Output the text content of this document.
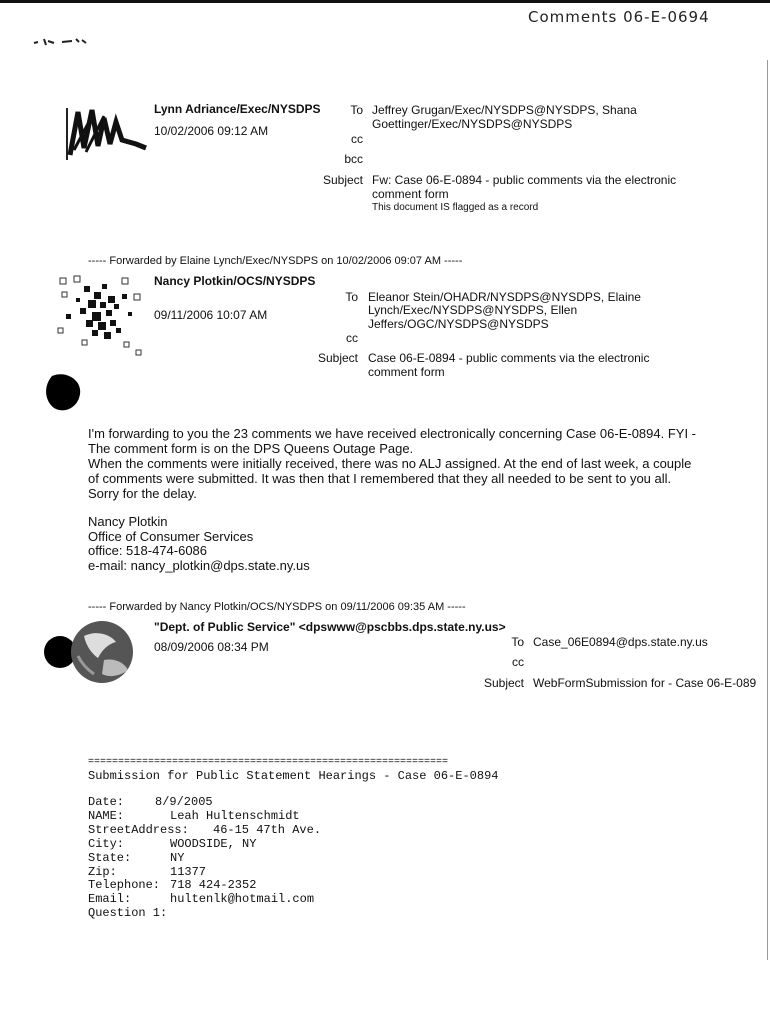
Comments 06-E-0694
Lynn Adriance/Exec/NYSDPS
10/02/2006 09:12 AM
To Jeffrey Grugan/Exec/NYSDPS@NYSDPS, Shana
Goettinger/Exec/NYSDPS@NYSDPS
cc
bcc
Subject Fw: Case 06-E-0894 - public comments via the electronic
comment form
This document IS flagged as a record
----- Forwarded by Elaine Lynch/Exec/NYSDPS on 10/02/2006 09:07 AM -----
Nancy Plotkin/OCS/NYSDPS
09/11/2006 10:07 AM
To Eleanor Stein/OHADR/NYSDPS@NYSDPS, Elaine
Lynch/Exec/NYSDPS@NYSDPS, Ellen
Jeffers/OGC/NYSDPS@NYSDPS
cc
Subject Case 06-E-0894 - public comments via the electronic
comment form
I'm forwarding to you the 23 comments we have received electronically concerning Case 06-E-0894. FYI -
The comment form is on the DPS Queens Outage Page.
When the comments were initially received, there was no ALJ assigned. At the end of last week, a couple
of comments were submitted. It was then that I remembered that they all needed to be sent to you all.
Sorry for the delay.
Nancy Plotkin
Office of Consumer Services
office: 518-474-6086
e-mail: nancy_plotkin@dps.state.ny.us
----- Forwarded by Nancy Plotkin/OCS/NYSDPS on 09/11/2006 09:35 AM -----
"Dept. of Public Service" <dpswww@pscbbs.dps.state.ny.us>
08/09/2006 08:34 PM	To Case_06E0894@dps.state.ny.us
cc
Subject WebFormSubmission for - Case 06-E-089
============================================================
Submission for Public Statement Hearings - Case 06-E-0894
Date:	8/9/2005
NAME:	Leah Hultenschmidt
StreetAddress: 46-15 47th Ave.
City:	WOODSIDE, NY
State:	NY
Zip:	11377
Telephone: 718 424-2352
Email:	hultenlk@hotmail.com
Question 1:
